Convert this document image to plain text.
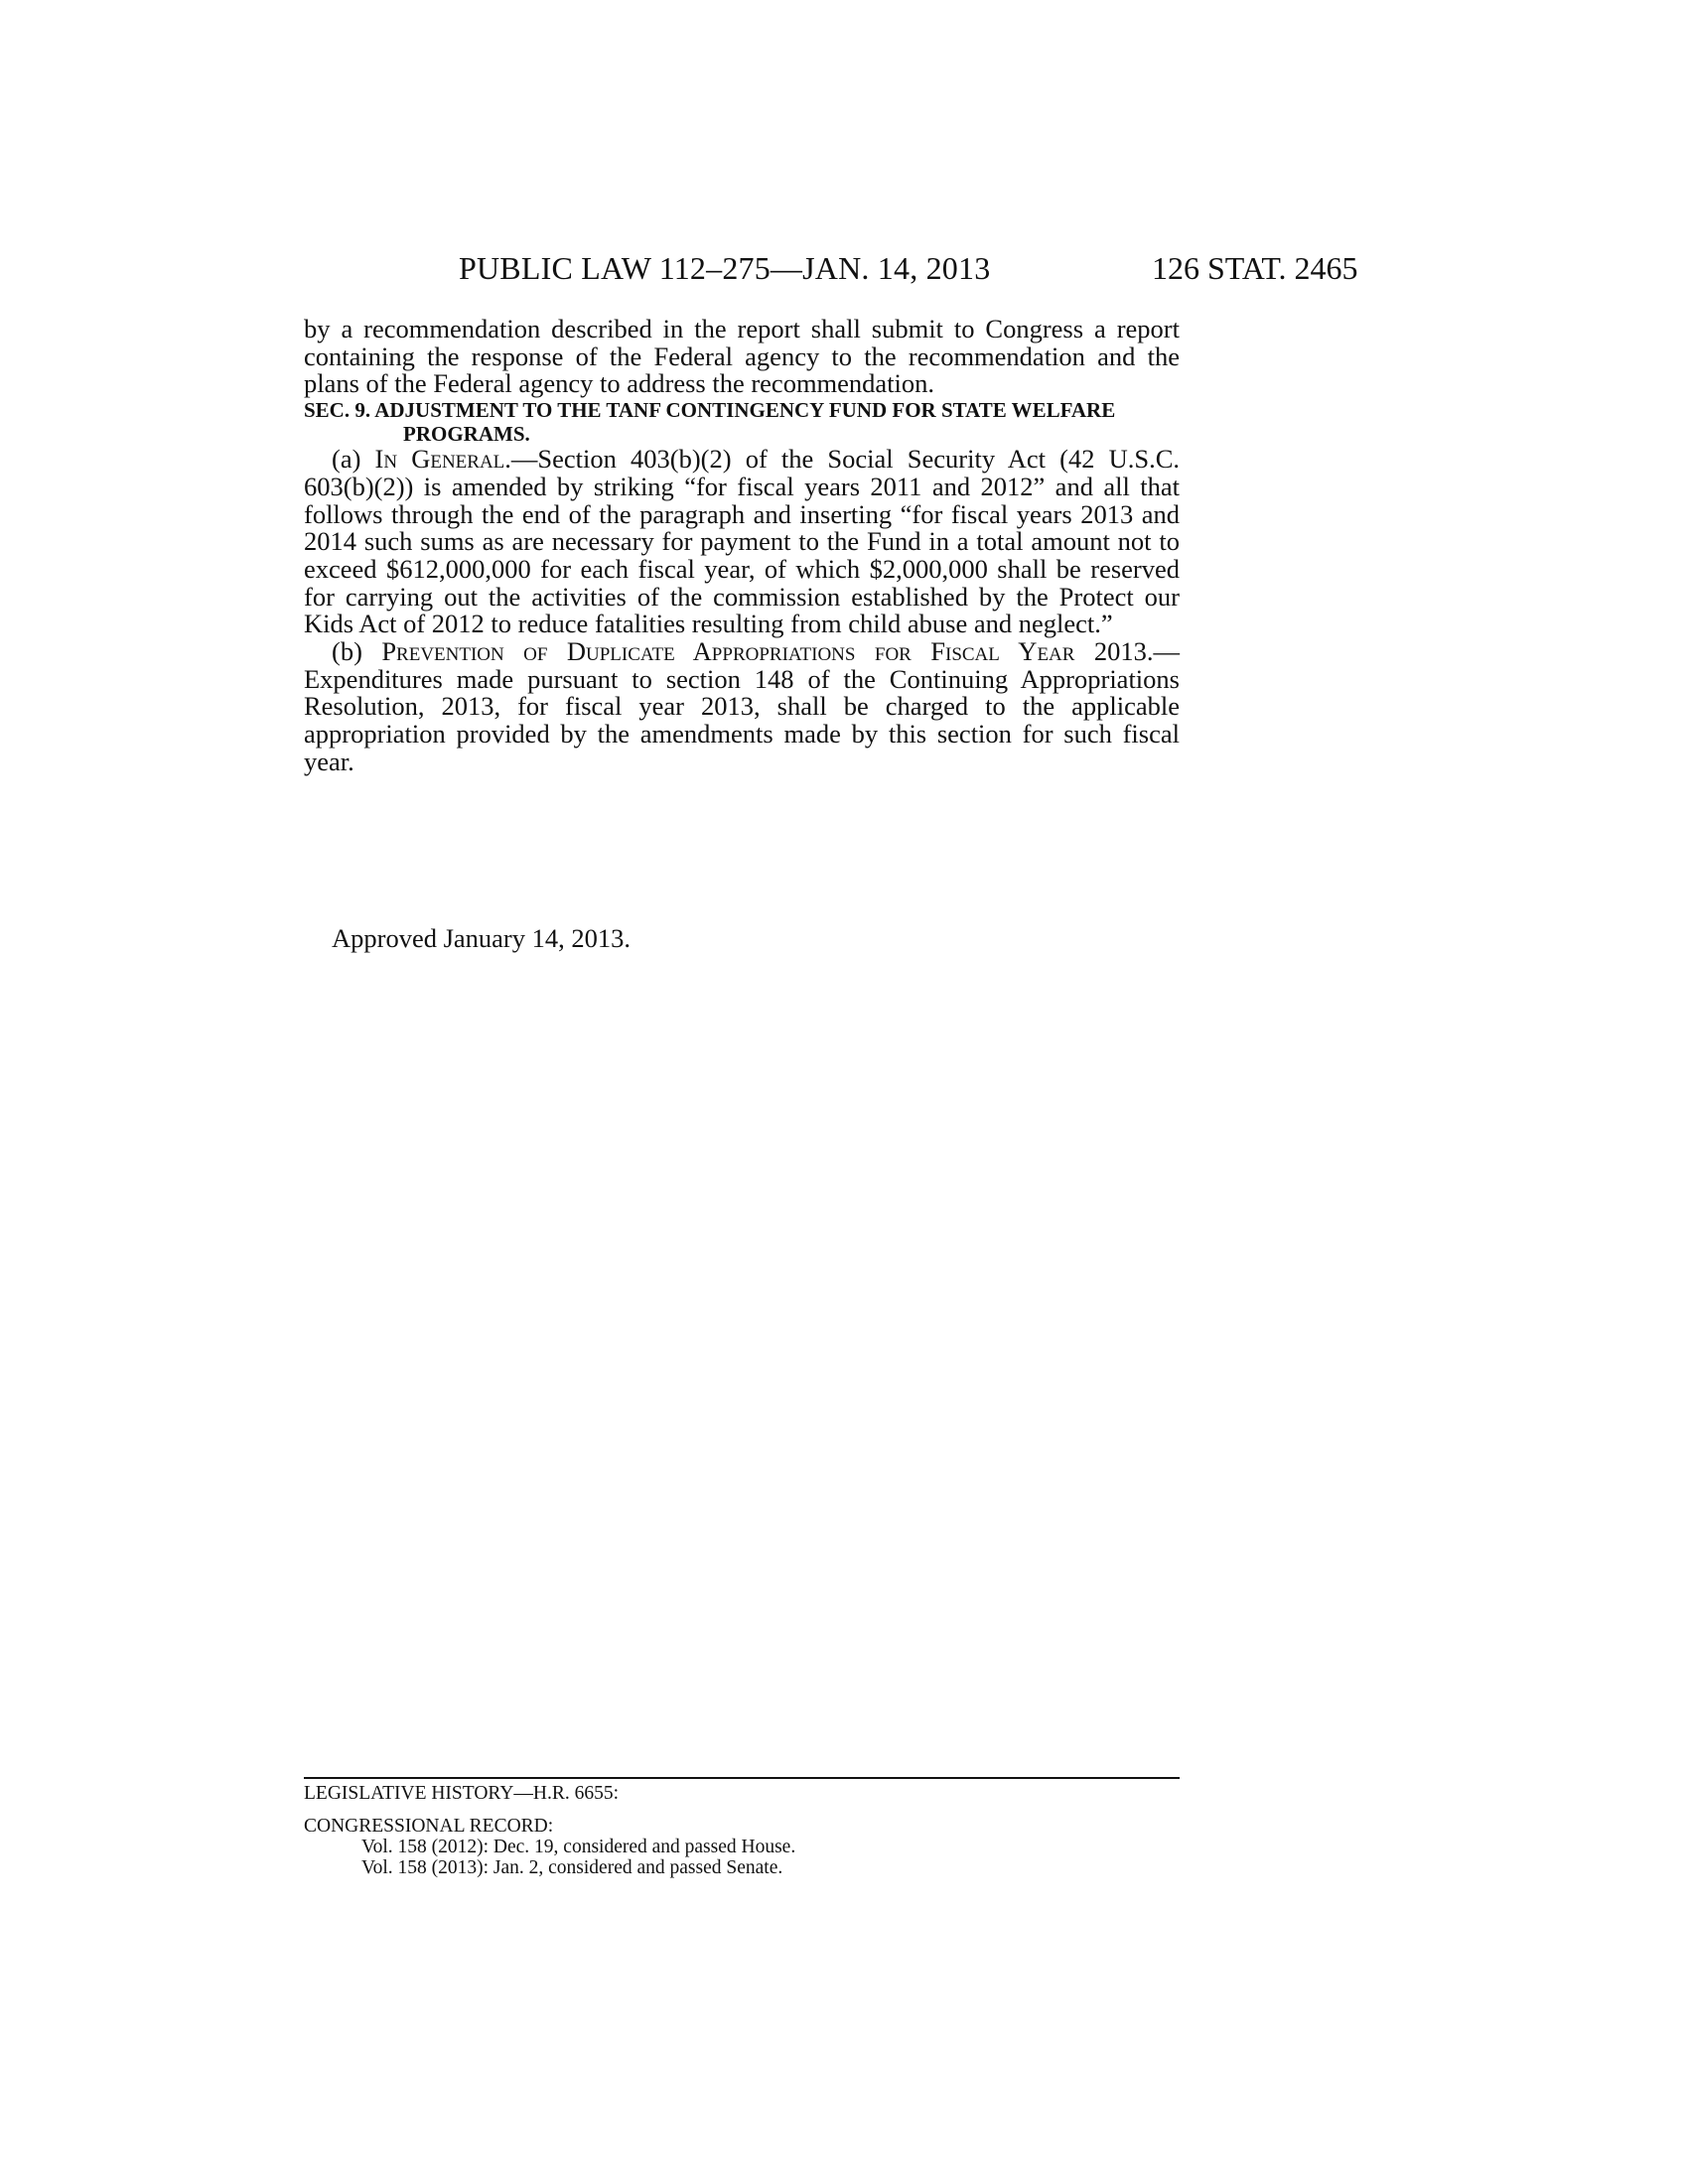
PUBLIC LAW 112–275—JAN. 14, 2013	126 STAT. 2465

by a recommendation described in the report shall submit to Congress a report containing the response of the Federal agency to the recommendation and the plans of the Federal agency to address the recommendation.

SEC. 9. ADJUSTMENT TO THE TANF CONTINGENCY FUND FOR STATE WELFARE PROGRAMS.

(a) In General.—Section 403(b)(2) of the Social Security Act (42 U.S.C. 603(b)(2)) is amended by striking “for fiscal years 2011 and 2012” and all that follows through the end of the paragraph and inserting “for fiscal years 2013 and 2014 such sums as are necessary for payment to the Fund in a total amount not to exceed $612,000,000 for each fiscal year, of which $2,000,000 shall be reserved for carrying out the activities of the commission established by the Protect our Kids Act of 2012 to reduce fatalities resulting from child abuse and neglect.”

(b) Prevention of Duplicate Appropriations for Fiscal Year 2013.—Expenditures made pursuant to section 148 of the Continuing Appropriations Resolution, 2013, for fiscal year 2013, shall be charged to the applicable appropriation provided by the amendments made by this section for such fiscal year.

Approved January 14, 2013.

LEGISLATIVE HISTORY—H.R. 6655:

CONGRESSIONAL RECORD:

Vol. 158 (2012): Dec. 19, considered and passed House.

Vol. 158 (2013): Jan. 2, considered and passed Senate.
